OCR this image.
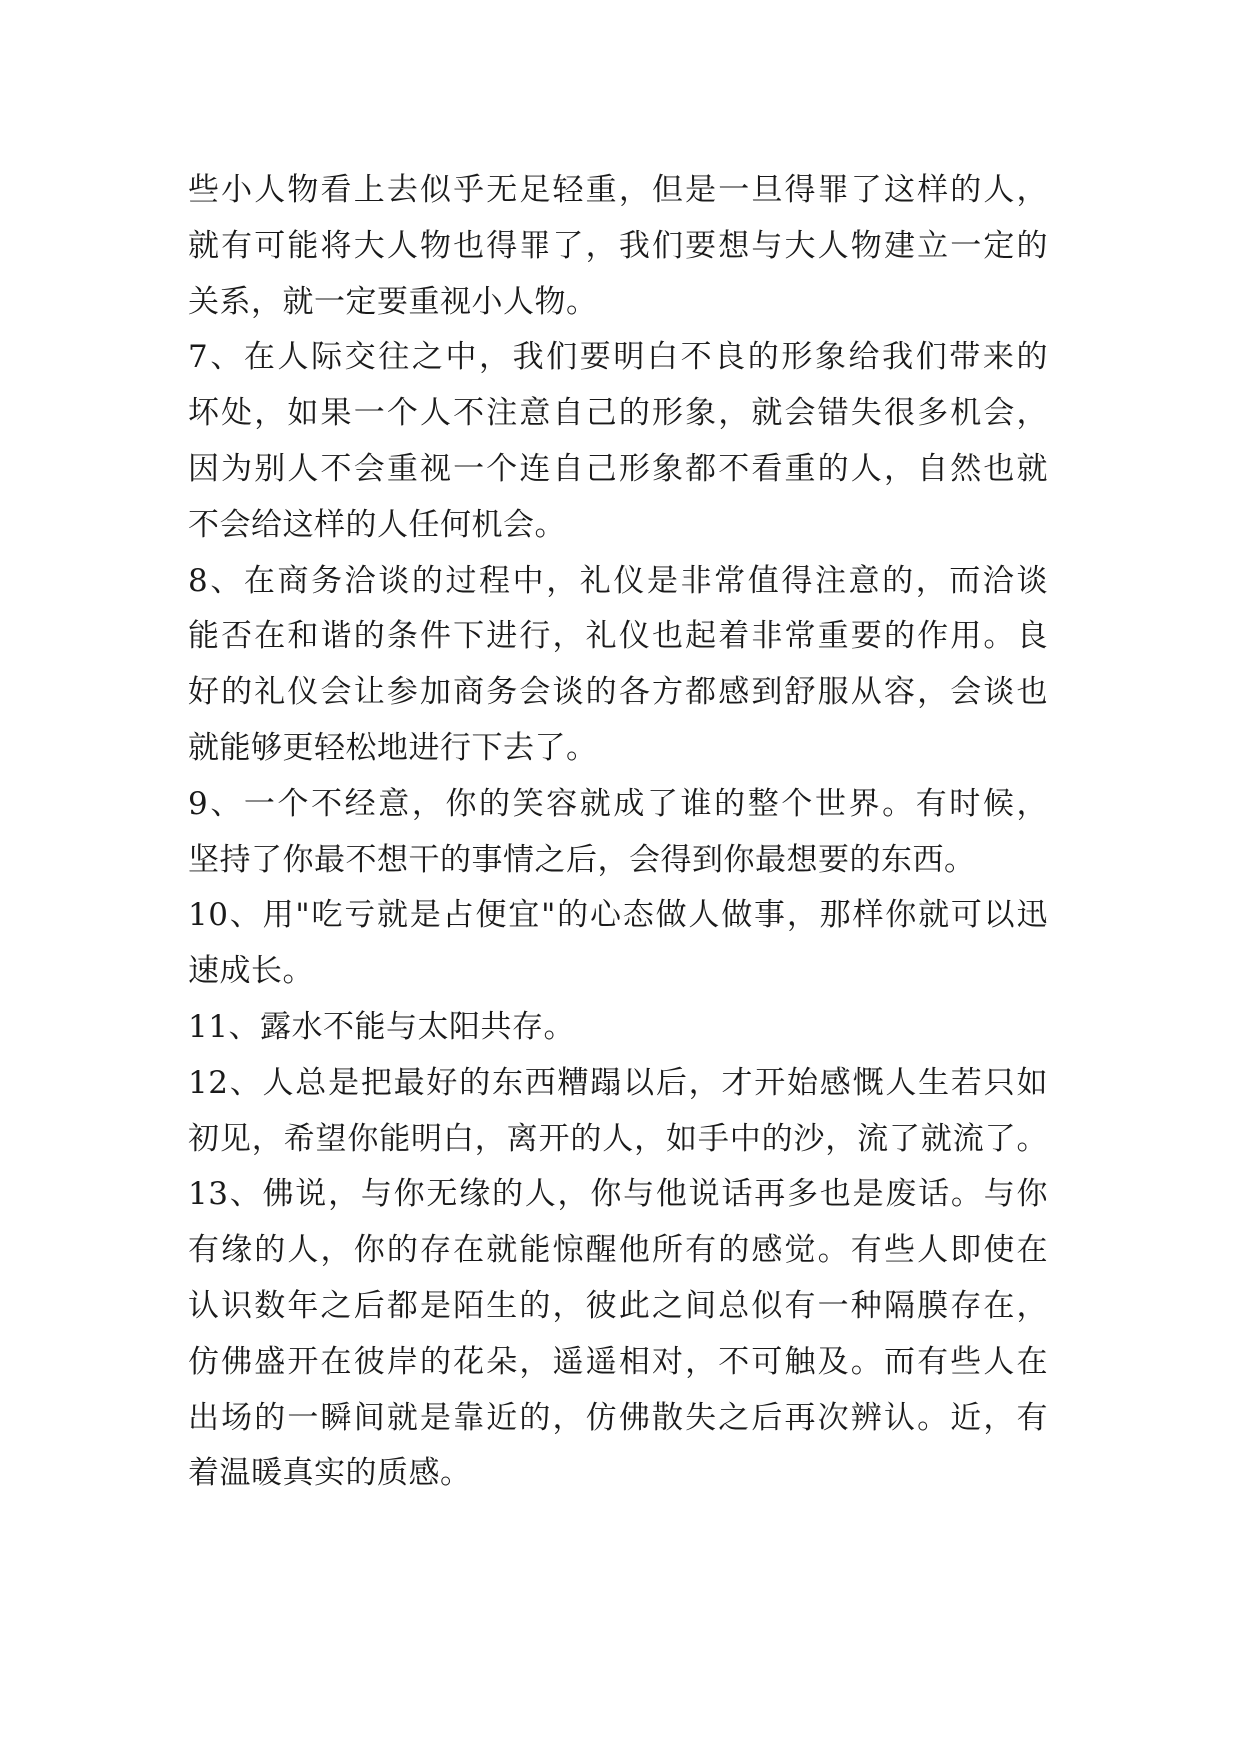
些小人物看上去似乎无足轻重，但是一旦得罪了这样的人，
就有可能将大人物也得罪了，我们要想与大人物建立一定的
关系，就一定要重视小人物。
7、在人际交往之中，我们要明白不良的形象给我们带来的
坏处，如果一个人不注意自己的形象，就会错失很多机会，
因为别人不会重视一个连自己形象都不看重的人，自然也就
不会给这样的人任何机会。
8、在商务洽谈的过程中，礼仪是非常值得注意的，而洽谈
能否在和谐的条件下进行，礼仪也起着非常重要的作用。良
好的礼仪会让参加商务会谈的各方都感到舒服从容，会谈也
就能够更轻松地进行下去了。
9、一个不经意，你的笑容就成了谁的整个世界。有时候，
坚持了你最不想干的事情之后，会得到你最想要的东西。
10、用"吃亏就是占便宜"的心态做人做事，那样你就可以迅
速成长。
11、露水不能与太阳共存。
12、人总是把最好的东西糟蹋以后，才开始感慨人生若只如
初见，希望你能明白，离开的人，如手中的沙，流了就流了。
13、佛说，与你无缘的人，你与他说话再多也是废话。与你
有缘的人，你的存在就能惊醒他所有的感觉。有些人即使在
认识数年之后都是陌生的，彼此之间总似有一种隔膜存在，
仿佛盛开在彼岸的花朵，遥遥相对，不可触及。而有些人在
出场的一瞬间就是靠近的，仿佛散失之后再次辨认。近，有
着温暖真实的质感。
